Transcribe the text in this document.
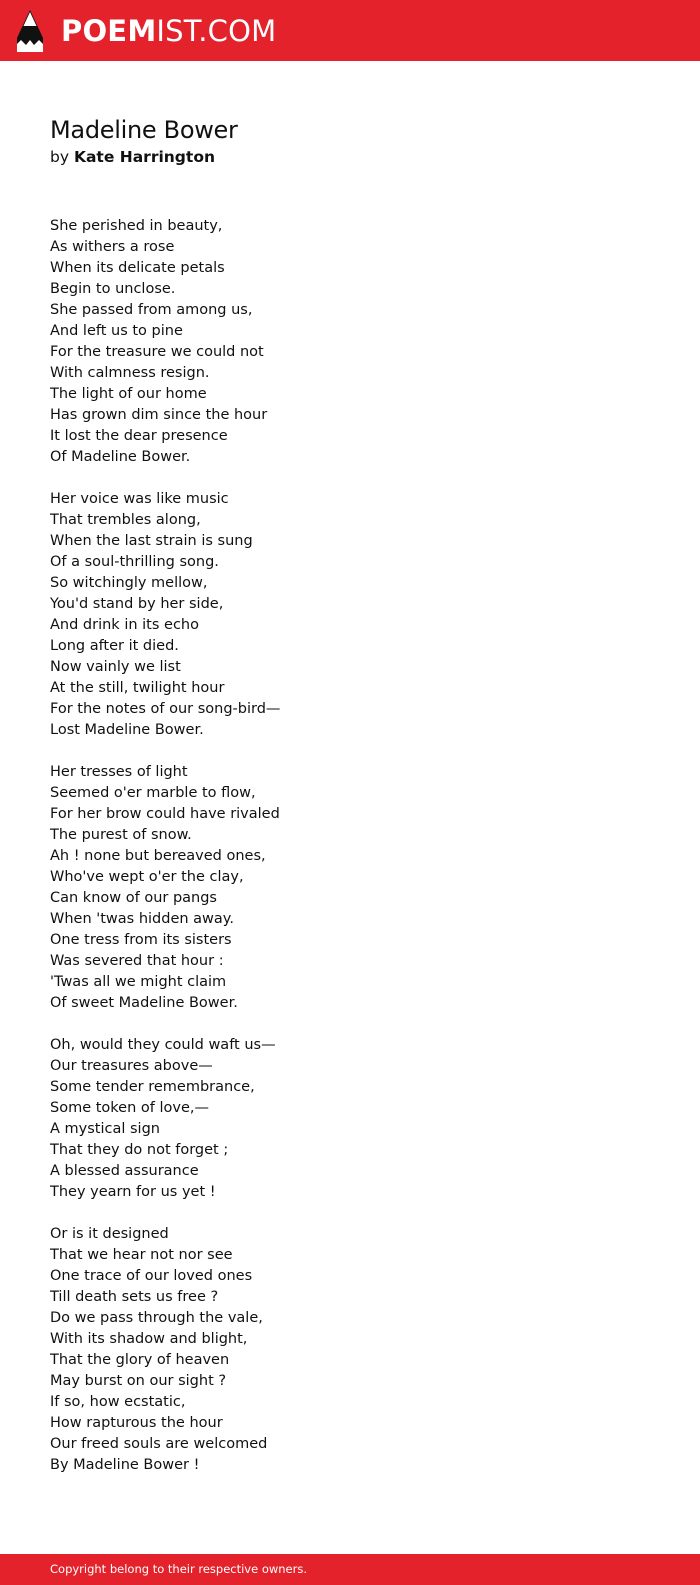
POEMIST.COM
Madeline Bower
by Kate Harrington
She perished in beauty,
As withers a rose
When its delicate petals
Begin to unclose.
She passed from among us,
And left us to pine
For the treasure we could not
With calmness resign.
The light of our home
Has grown dim since the hour
It lost the dear presence
Of Madeline Bower.
Her voice was like music
That trembles along,
When the last strain is sung
Of a soul-thrilling song.
So witchingly mellow,
You'd stand by her side,
And drink in its echo
Long after it died.
Now vainly we list
At the still, twilight hour
For the notes of our song-bird—
Lost Madeline Bower.
Her tresses of light
Seemed o'er marble to flow,
For her brow could have rivaled
The purest of snow.
Ah ! none but bereaved ones,
Who've wept o'er the clay,
Can know of our pangs
When 'twas hidden away.
One tress from its sisters
Was severed that hour :
'Twas all we might claim
Of sweet Madeline Bower.
Oh, would they could waft us—
Our treasures above—
Some tender remembrance,
Some token of love,—
A mystical sign
That they do not forget ;
A blessed assurance
They yearn for us yet !
Or is it designed
That we hear not nor see
One trace of our loved ones
Till death sets us free ?
Do we pass through the vale,
With its shadow and blight,
That the glory of heaven
May burst on our sight ?
If so, how ecstatic,
How rapturous the hour
Our freed souls are welcomed
By Madeline Bower !
Copyright belong to their respective owners.
